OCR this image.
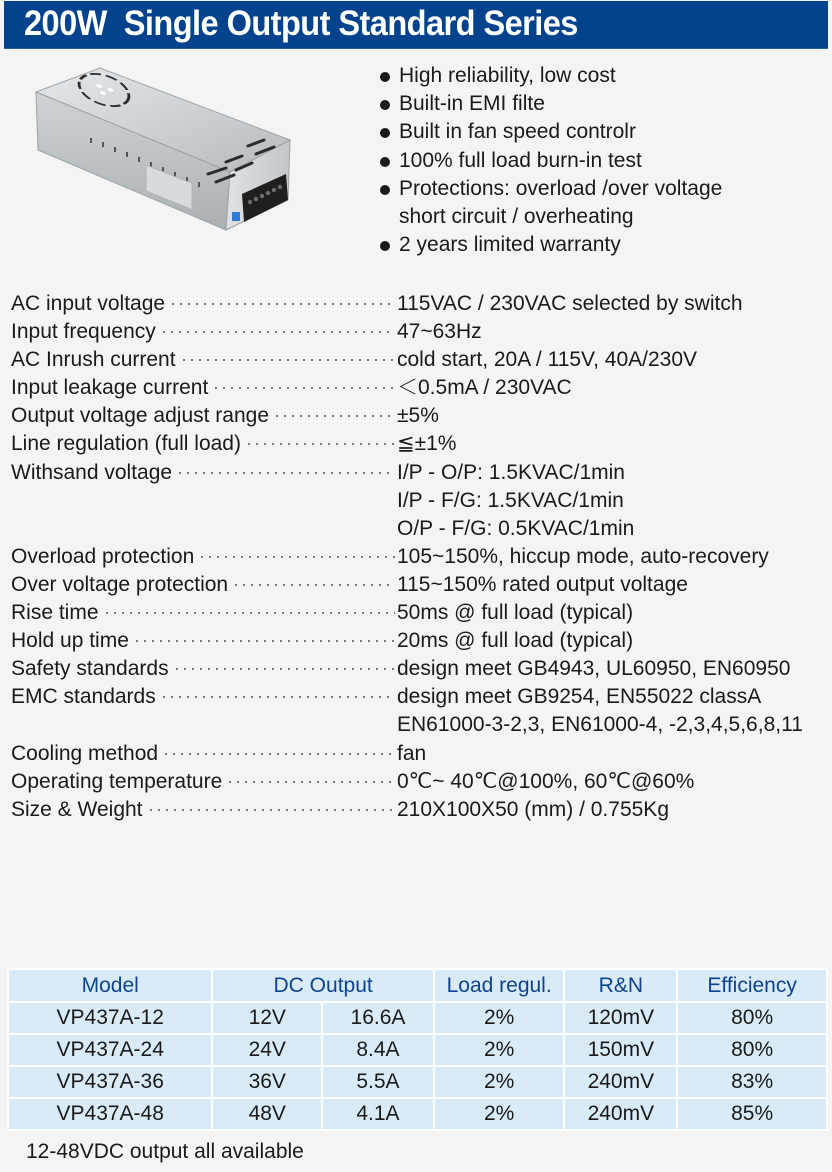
200W  Single Output Standard Series
High reliability, low cost
Built-in EMI filte
Built in fan speed controlr
100% full load burn-in test
Protections: overload /over voltage
short circuit / overheating
2 years limited warranty
AC input voltage	115VAC / 230VAC selected by switch
Input frequency	47~63Hz
AC Inrush current	cold start, 20A / 115V, 40A/230V
Input leakage current	＜0.5mA / 230VAC
Output voltage adjust range	±5%
Line regulation (full load)	≦±1%
Withsand voltage	I/P - O/P: 1.5KVAC/1min
I/P - F/G: 1.5KVAC/1min
O/P - F/G: 0.5KVAC/1min
Overload protection	105~150%, hiccup mode, auto-recovery
Over voltage protection	115~150% rated output voltage
Rise time	50ms @ full load (typical)
Hold up time	20ms @ full load (typical)
Safety standards	design meet GB4943, UL60950, EN60950
EMC standards	design meet GB9254, EN55022 classA
EN61000-3-2,3, EN61000-4, -2,3,4,5,6,8,11
Cooling method	fan
Operating temperature	0℃~ 40℃@100%, 60℃@60%
Size & Weight	210X100X50 (mm) / 0.755Kg
Model	DC Output		Load regul.	R&N	Efficiency
VP437A-12	12V	16.6A	2%	120mV	80%
VP437A-24	24V	8.4A	2%	150mV	80%
VP437A-36	36V	5.5A	2%	240mV	83%
VP437A-48	48V	4.1A	2%	240mV	85%
12-48VDC output all available
